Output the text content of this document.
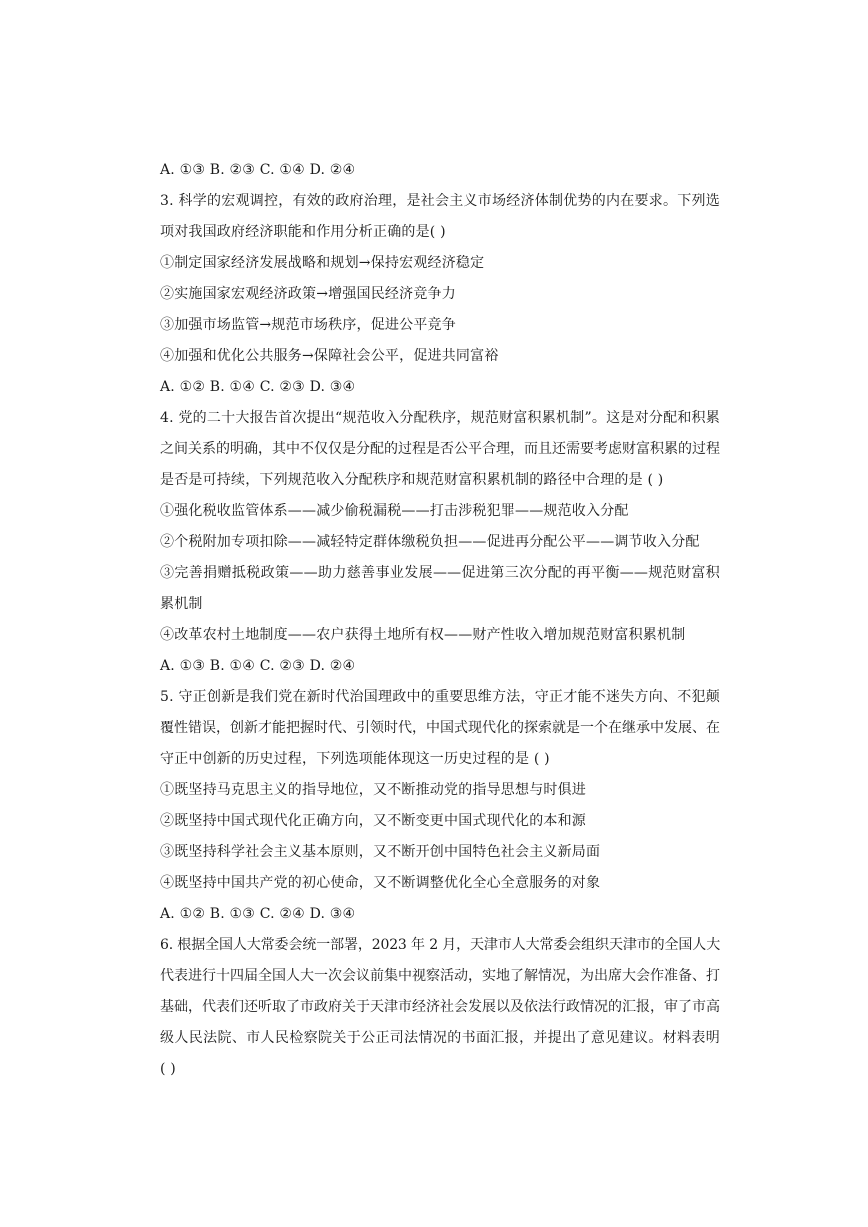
A. ①③ B. ②③ C. ①④ D. ②④
3. 科学的宏观调控，有效的政府治理，是社会主义市场经济体制优势的内在要求。下列选
项对我国政府经济职能和作用分析正确的是( )
①制定国家经济发展战略和规划→保持宏观经济稳定
②实施国家宏观经济政策→增强国民经济竞争力
③加强市场监管→规范市场秩序，促进公平竞争
④加强和优化公共服务→保障社会公平，促进共同富裕
A. ①② B. ①④ C. ②③ D. ③④
4. 党的二十大报告首次提出“规范收入分配秩序，规范财富积累机制”。这是对分配和积累
之间关系的明确，其中不仅仅是分配的过程是否公平合理，而且还需要考虑财富积累的过程
是否是可持续，下列规范收入分配秩序和规范财富积累机制的路径中合理的是 ( )
①强化税收监管体系——减少偷税漏税——打击涉税犯罪——规范收入分配
②个税附加专项扣除——减轻特定群体缴税负担——促进再分配公平——调节收入分配
③完善捐赠抵税政策——助力慈善事业发展——促进第三次分配的再平衡——规范财富积
累机制
④改革农村土地制度——农户获得土地所有权——财产性收入增加规范财富积累机制
A. ①③ B. ①④ C. ②③ D. ②④
5. 守正创新是我们党在新时代治国理政中的重要思维方法，守正才能不迷失方向、不犯颠
覆性错误，创新才能把握时代、引领时代，中国式现代化的探索就是一个在继承中发展、在
守正中创新的历史过程，下列选项能体现这一历史过程的是 ( )
①既坚持马克思主义的指导地位，又不断推动党的指导思想与时俱进
②既坚持中国式现代化正确方向，又不断变更中国式现代化的本和源
③既坚持科学社会主义基本原则，又不断开创中国特色社会主义新局面
④既坚持中国共产党的初心使命，又不断调整优化全心全意服务的对象
A. ①② B. ①③ C. ②④ D. ③④
6. 根据全国人大常委会统一部署，2023 年 2 月，天津市人大常委会组织天津市的全国人大
代表进行十四届全国人大一次会议前集中视察活动，实地了解情况，为出席大会作准备、打
基础，代表们还听取了市政府关于天津市经济社会发展以及依法行政情况的汇报，审了市高
级人民法院、市人民检察院关于公正司法情况的书面汇报，并提出了意见建议。材料表明
( )
